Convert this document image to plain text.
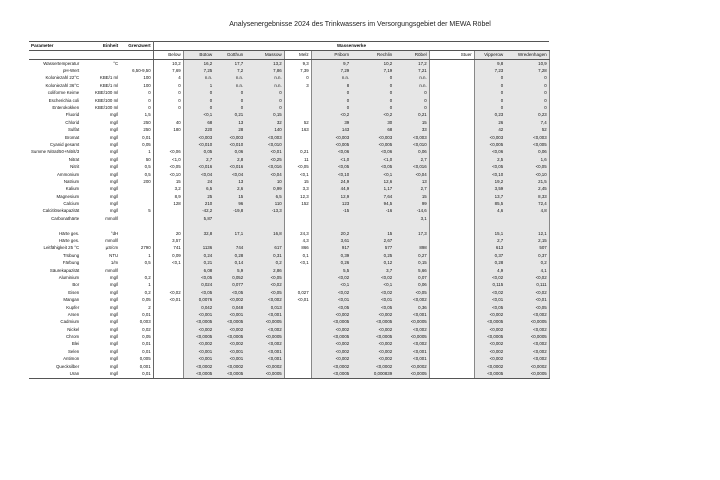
Analysenergebnisse 2024 des Trinkwassers im Versorgungsgebiet der MEWA Röbel
Parameter	Einheit	Grenzwert	Wasserwerke										
			Below	Bütow	Gotthun	Massow	Melz	Priborn	Rechlin	Röbel	Stuer	Vipperow	Wredenhagen
Wassertemperatur	°C		10,2	16,2	17,7	13,2	9,3	9,7	10,2	17,2		9,8	10,9
pH-Wert		6,50-9,50	7,69	7,25	7,2	7,86	7,39	7,29	7,19	7,21		7,23	7,28
Koloniezahl 22°C	KBE/1 ml	100	4	n.n.	n.n.	n.n.	0	n.n.	0	n.n.		0	0
Koloniezahl 36°C	KBE/1 ml	100	0	1	n.n.	n.n.	3	8	0	n.n.		0	0
coliforme Keime	KBE/100 ml	0	0	0	0	0		0	0	0		0	0
Escherichia coli	KBE/100 ml	0	0	0	0	0		0	0	0		0	0
Enterokokken	KBE/100 ml	0	0	0	0	0		0	0	0		0	0
Fluorid	mg/l	1,5		<0,1	0,21	0,15		<0,2	<0,2	0,21		0,23	0,23
Chlorid	mg/l	250	40	68	13	32	52	39	30	15		26	7,4
Sulfat	mg/l	250	180	220	28	140	163	143	68	33		42	52
Bromat	mg/l	0,01		<0,003	<0,003	<0,003		<0,003	<0,003	<0,003		<0,003	<0,003
Cyanid gesamt	mg/l	0,05		<0,010	<0,010	<0,010		<0,005	<0,005	<0,010		<0,005	<0,005
Summe Nitrat/50+Nitrit/3	mg/l	1	<0,06	0,05	0,06	<0,01	0,21	<0,06	<0,06	0,06		<0,06	0,06
Nitrat	mg/l	50	<1,0	2,7	2,8	<0,25	11	<1,0	<1,0	2,7		2,5	1,6
Nitrit	mg/l	0,5	<0,05	<0,016	<0,016	<0,016	<0,05	<0,05	<0,05	<0,016		<0,05	<0,05
Ammonium	mg/l	0,5	<0,10	<0,04	<0,04	<0,04	<0,1	<0,10	<0,1	<0,04		<0,10	<0,10
Natrium	mg/l	200	15	24	13	10	15	24,9	12,6	13		19,2	21,5
Kalium	mg/l		3,2	6,5	2,6	0,99	3,3	44,9	1,17	2,7		3,59	2,45
Magnesium	mg/l		8,9	25	15	6,5	12,3	12,9	7,64	15		13,7	8,33
Calcium	mg/l		128	210	96	110	152	123	94,5	99		85,5	72,4
Calcitlösekapazität	mg/l	5		-42,2	-19,8	-13,3		-15	-16	-14,6		4,6	4,8
Carbonathärte	mmol/l			5,87						3,1			

Härte ges.	°dH		20	32,8	17,1	16,8	24,3	20,2	15	17,3		15,1	12,1
Härte ges.	mmol/l		3,57				4,3	3,61	2,67			2,7	2,15
Leitfähigkeit 25 °C	µS/cm	2790	741	1136	744	617	866	917	577	898		613	507
Trübung	NTU	1	0,09	0,24	0,28	0,31	0,1	0,39	0,25	0,27		0,37	0,37
Färbung	1/m	0,5	<0,1	0,21	0,14	0,2	<0,1	0,26	0,12	0,15		0,28	0,2
Säurekapazität	mmol/l			6,08	5,9	2,86		5,5	3,7	5,66		4,9	4,1
Aluminium	mg/l	0,2		<0,05	0,052	<0,05		<0,02	<0,02	0,07		<0,02	<0,02
Bor	mg/l	1		0,024	0,077	<0,02		<0,1	<0,1	0,06		0,115	0,111
Eisen	mg/l	0,2	<0,02	<0,05	<0,05	<0,05	0,027	<0,02	<0,02	<0,05		<0,02	<0,02
Mangan	mg/l	0,05	<0,01	0,0076	<0,002	<0,002	<0,01	<0,01	<0,01	<0,002		<0,01	<0,01
Kupfer	mg/l	2		0,042	0,048	0,013		<0,05	<0,05	0,36		<0,05	<0,05
Arsen	mg/l	0,01		<0,001	<0,001	<0,001		<0,002	<0,002	<0,001		<0,002	<0,002
Cadmium	mg/l	0,003		<0,0005	<0,0005	<0,0005		<0,0005	<0,0005	<0,0005		<0,0005	<0,0005
Nickel	mg/l	0,02		<0,002	<0,002	<0,002		<0,002	<0,002	<0,002		<0,002	<0,002
Chrom	mg/l	0,05		<0,0005	<0,0005	<0,0005		<0,0005	<0,0005	<0,0005		<0,0005	<0,0005
Blei	mg/l	0,01		<0,002	<0,002	<0,002		<0,002	<0,002	<0,002		<0,002	<0,002
Selen	mg/l	0,01		<0,001	<0,001	<0,001		<0,002	<0,002	<0,001		<0,002	<0,002
Antimon	mg/l	0,005		<0,001	<0,001	<0,001		<0,002	<0,002	<0,001		<0,002	<0,002
Quecksilber	mg/l	0,001		<0,0002	<0,0002	<0,0002		<0,0002	<0,0002	<0,0002		<0,0002	<0,0002
Uran	mg/l	0,01		<0,0005	<0,0005	<0,0005		<0,0005	0,000839	<0,0005		<0,0005	<0,0005
